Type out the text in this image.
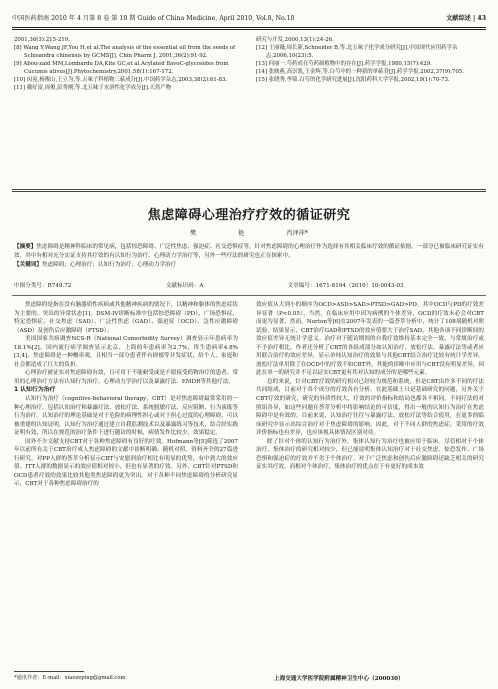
中国医药指南 2010 年 4 月第 8 卷 第 10 期 Guide of China Medicine, April 2010, Vol.8, No.10	文献综述 | 43

2001,36(3):215-219.

[8] Wang Y,Wang JF,You H,et al.The analysis of the essential oil from the seeds of Schisandra chinensis by GCMS[J]. Chin Pharm J, 2001,36(2):91-92.

[9] Abou-zaid MM,Lombardo DA,Kite GC,et al.Acylated flavoC-glycosides from Cucumis ativus[J].Phytochemistry,2001,58(1):167-172.

[10] 闵晃,杨俊山,王立为,等.五味子科植物三萜成分[J].中国药学杂志,2003,38(2):81-83.

[11] 戴好富,周俊,彭秀刚,等.北五味子水溶性化学成分[J].天然产物

研究与开发,2000,13(1):24-26.

[12] 王丽薇,周长新,Schneider B,等.北五味子化学成分研究[J].中国现代应用药学杂志,2006,10(23):5.

[13] 何丽一.芍药甙在芍药属植物中的存在[J].药学学报,1980,15(7):429.

[14] 张映燕,高崇凯,王金辉,等.白芍中的一种新的单萜苷[J].药学学报,2002,37(9):705.

[15] 张晓秀,李锦.白芍的化学研究进展[J].沈阳药科大学学报,2002,19(1):70-73.

焦虑障碍心理治疗疗效的循证研究
樊 艳	肖泽萍*
【摘要】焦虑障碍是精神科临床的常见病，包括惊恐障碍、广泛性焦虑、强迫症、社交恐惧症等，针对焦虑障碍的心理治疗作为选择有其相关临床疗效的循证依据。一部分已被临床研究证实有效，其中有相对充分实证支持其疗效的有认知行为治疗、心理动力学治疗等，另外一些疗法的研究也正在探索中。
【关键词】焦虑障碍；心理治疗；认知行为治疗；心理动力学治疗
中图分类号：R749.72	文献标识码：A	文章编号：1671-8194（2010）10-0043-03

焦虑障碍是指在没有脑器质性疾病或其他精神疾病的情况下，以精神和躯体的焦虑症状为主要的、突出的异常状态[1]。DSM-IV诊断标准中包括惊恐障碍（PD）、广场恐惧症、特定恐惧症、社交焦虑（SAD）、广泛性焦虑（GAD）、强迫症（OCD）、急性应激障碍（ASD）及创伤后应激障碍（PTSD）。

美国国家共病调查NCS-R（National Comorbidity Survey）调查显示年患病率为18.1%[2]，国内流行病学调查显示北京、上海的年患病率为2.7%，终生患病率4.8%[3,4]。焦虑障碍是一种概率观，且相当一部分患者伴有抑郁等并发症状，给个人、家庭和社会都造成了巨大的负担。

心理治疗被证实对焦虑障碍有效，且可用于不能耐受或是不愿接受药物治疗的患者。常用的心理治疗方法有认知行为治疗、心理动力学治疗以及暴露疗法、EMDR等其他疗法。

1 认知行为治疗

认知行为治疗（cognitive-behavioral therapy，CBT）是对焦虑障碍最常采用的一种心理治疗，包括认知治疗和暴露疗法、放松疗法、系统脱敏疗法、反应阻断、行为演练等行为治疗。认知治疗的理论基础是对于危险的病理性担心或对于担心过度的心理障碍，可以被重建的认知证明，认知行为治疗通过建立自我监测技术以及暴露练习等技术，结合经实践证明有效，所以在规范的治疗条件下进行随访的时候，病情发作比较少，效果稳定。

国外不少文献支持CBT对于各种焦虑障碍有良好的疗效。Hofmann等[5]筛选了2007年以前所有关于CBT治疗成人焦虑障碍的文献中诊断明确、随机对照、资料齐全的27篇进行研究。对PP人群的荟萃分析显示CBT与安慰剂治疗相比有明显的优势，有中到大的效应值。ITT人群的数据显示的效应值相对较小，但也有显著的疗效。另外，CBT针对PTSD和OCD患者疗效的效果比较其他类焦虑障碍更为突出。对于各种不同焦虑障碍的分析研究显示，CBT对于各种焦虑障碍治疗的

效应值从大到小的顺序为OCD>ASD>SAD>PTSD>GAD>PD。其中OCD与PD的疗效差异显著（P<0.05）。当然，在临床应用中因为病例的个体差异，OCD的疗效未必会对CBT而更为显著。然而，Norton等[6]在2007年发表的一篇荟萃分析中，统计了108项随机对照试验，结果显示，CBT治疗GAD和PTSD的效应值要大于治疗SAD，其他各项不同诊断间的效应值差异无统计学意义。治疗对于随访期间的自我疗效维持基本完全一致，与常规治疗或不予治疗相比，作者还分析了CBT的各组成部分如认知治疗、放松疗法、暴露疗法等或者应用联合治疗的效应差异，显示单纯认知治疗的效果与其他CBT结合治疗比较有统计学差异。放松疗法单用除了在OCD中的疗效不如CBT外，其他的诊断中应用与CBT没有明显差异，因此在单一的研究并不足以证实CBT更有其对认知的成分的是哪些元素。

总的来说，针对CBT疗效的研究相对已经较为规范和系统，但是CBT由许多不同的疗法共同组成，目前对于各个成分的疗效各有分析，在此基础上只是基础研究的问题，另外关于CBT疗效的研究，研究的异质性较大，疗效的评价指标和结局也都各不相同，不同疗法的对照组各异，如这些问题在荟萃分析中将影响结论的可信度，得出一般的认知行为治疗在焦虑障碍中是有效的。目前来说，认知治疗往往与暴露疗法、放松疗法等结合使用，在更多的临床研究中显示出综合治疗对于焦虑障碍的影响。因此，对于不同人群的焦虑症，采用的疗效评价指标也有差异，也应该视具体情况区别对待。

除了针对个体的认知行为治疗外，集体认知行为治疗也被应用于临床。尽管相对于个体治疗，集体治疗的研究相对较少，但已能说明集体认知治疗对于社交焦虑、惊恐发作、广场恐惧和强迫症的疗效并不劣于个体治疗。对于广泛焦虑和创伤后应激障碍还缺乏相关的研究证实其疗效。而相对个体治疗，集体治疗的优点在于有更好的成本效

*通讯作者：E-mail：xiaozeping@gmail.com	上海交通大学医学院附属精神卫生中心（200030）
